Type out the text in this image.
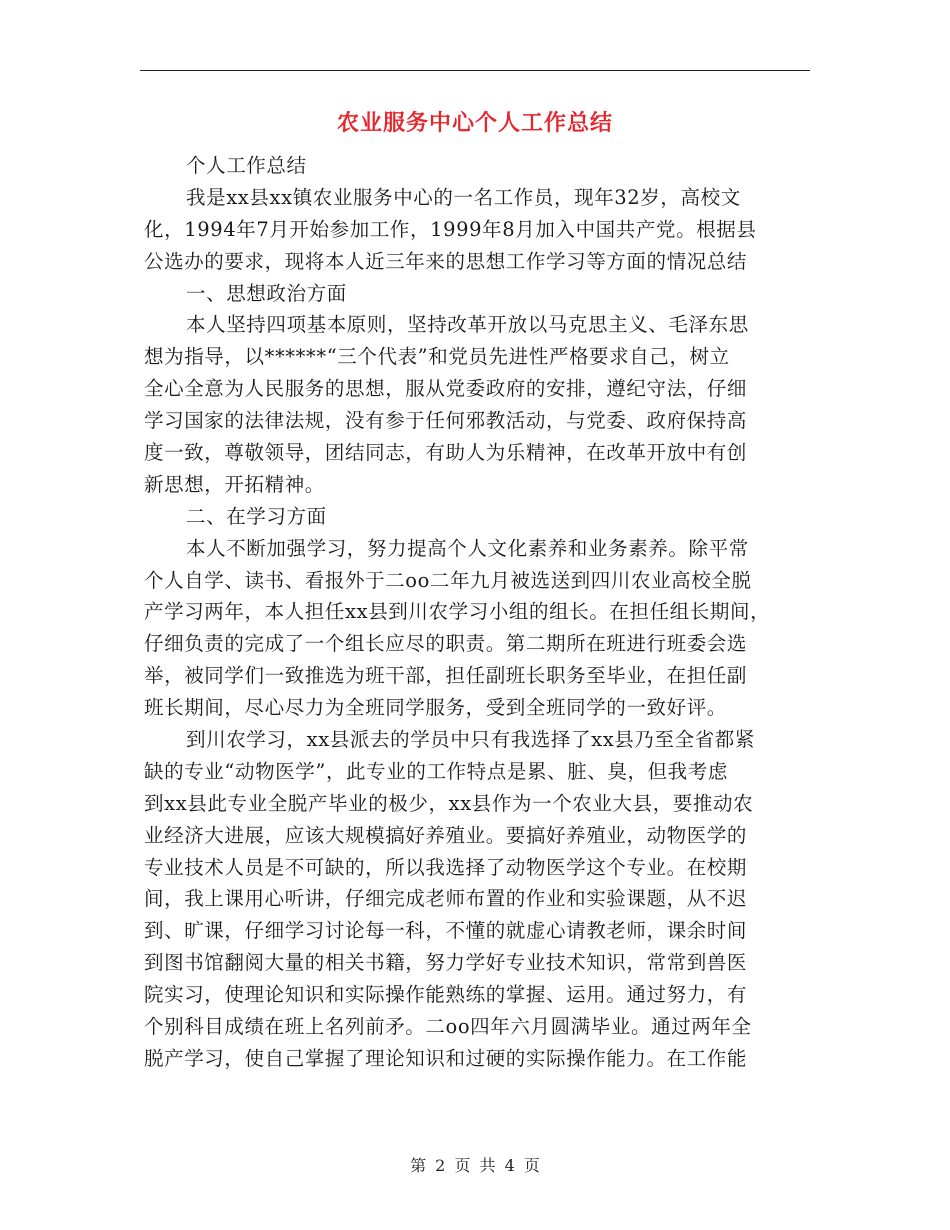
农业服务中心个人工作总结
个人工作总结
我是xx县xx镇农业服务中心的一名工作员，现年32岁，高校文
化，1994年7月开始参加工作，1999年8月加入中国共产党。根据县
公选办的要求，现将本人近三年来的思想工作学习等方面的情况总结
一、思想政治方面
本人坚持四项基本原则，坚持改革开放以马克思主义、毛泽东思
想为指导，以******“三个代表”和党员先进性严格要求自己，树立
全心全意为人民服务的思想，服从党委政府的安排，遵纪守法，仔细
学习国家的法律法规，没有参于任何邪教活动，与党委、政府保持高
度一致，尊敬领导，团结同志，有助人为乐精神，在改革开放中有创
新思想，开拓精神。
二、在学习方面
本人不断加强学习，努力提高个人文化素养和业务素养。除平常
个人自学、读书、看报外于二oo二年九月被选送到四川农业高校全脱
产学习两年，本人担任xx县到川农学习小组的组长。在担任组长期间，
仔细负责的完成了一个组长应尽的职责。第二期所在班进行班委会选
举，被同学们一致推选为班干部，担任副班长职务至毕业，在担任副
班长期间，尽心尽力为全班同学服务，受到全班同学的一致好评。
到川农学习，xx县派去的学员中只有我选择了xx县乃至全省都紧
缺的专业“动物医学”，此专业的工作特点是累、脏、臭，但我考虑
到xx县此专业全脱产毕业的极少，xx县作为一个农业大县，要推动农
业经济大进展，应该大规模搞好养殖业。要搞好养殖业，动物医学的
专业技术人员是不可缺的，所以我选择了动物医学这个专业。在校期
间，我上课用心听讲，仔细完成老师布置的作业和实验课题，从不迟
到、旷课，仔细学习讨论每一科，不懂的就虚心请教老师，课余时间
到图书馆翻阅大量的相关书籍，努力学好专业技术知识，常常到兽医
院实习，使理论知识和实际操作能熟练的掌握、运用。通过努力，有
个别科目成绩在班上名列前矛。二oo四年六月圆满毕业。通过两年全
脱产学习，使自己掌握了理论知识和过硬的实际操作能力。在工作能
第 2 页 共 4 页
